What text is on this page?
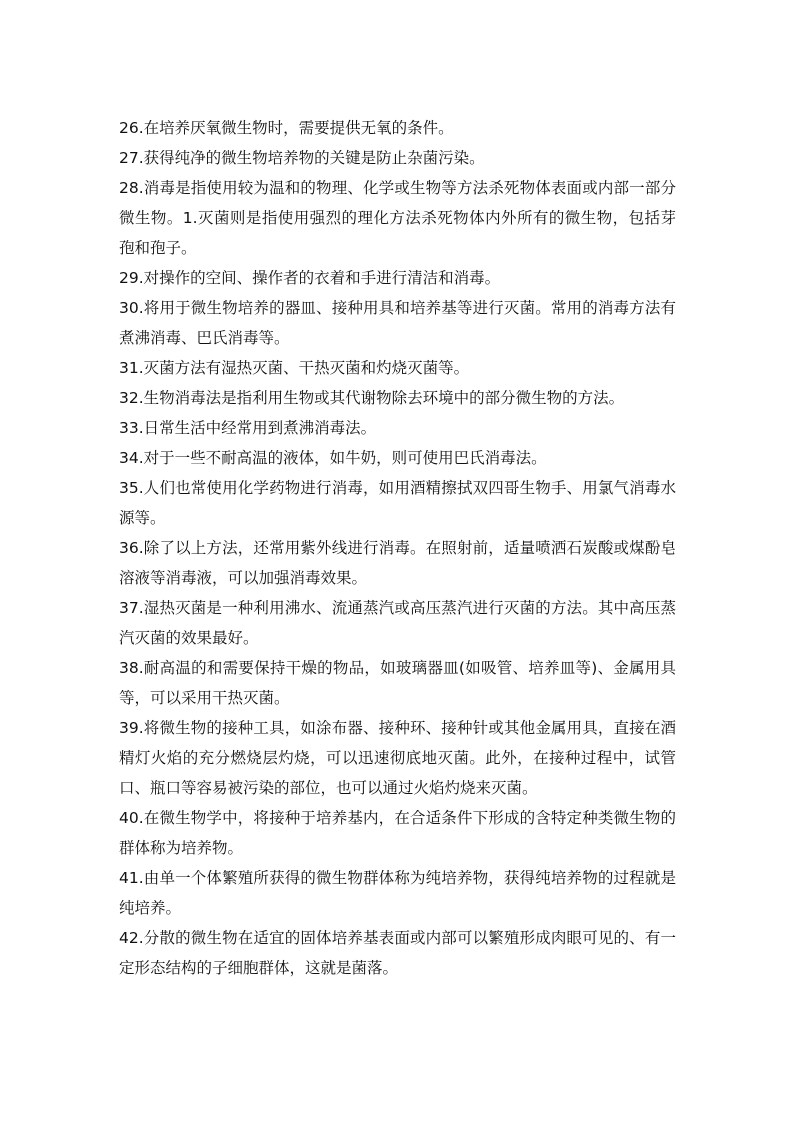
26.在培养厌氧微生物时，需要提供无氧的条件。

27.获得纯净的微生物培养物的关键是防止杂菌污染。

28.消毒是指使用较为温和的物理、化学或生物等方法杀死物体表面或内部一部分微生物。1.灭菌则是指使用强烈的理化方法杀死物体内外所有的微生物，包括芽孢和孢子。

29.对操作的空间、操作者的衣着和手进行清洁和消毒。

30.将用于微生物培养的器皿、接种用具和培养基等进行灭菌。常用的消毒方法有煮沸消毒、巴氏消毒等。

31.灭菌方法有湿热灭菌、干热灭菌和灼烧灭菌等。

32.生物消毒法是指利用生物或其代谢物除去环境中的部分微生物的方法。

33.日常生活中经常用到煮沸消毒法。

34.对于一些不耐高温的液体，如牛奶，则可使用巴氏消毒法。

35.人们也常使用化学药物进行消毒，如用酒精擦拭双四哥生物手、用氯气消毒水源等。

36.除了以上方法，还常用紫外线进行消毒。在照射前，适量喷洒石炭酸或煤酚皂溶液等消毒液，可以加强消毒效果。

37.湿热灭菌是一种利用沸水、流通蒸汽或高压蒸汽进行灭菌的方法。其中高压蒸汽灭菌的效果最好。

38.耐高温的和需要保持干燥的物品，如玻璃器皿(如吸管、培养皿等)、金属用具等，可以采用干热灭菌。

39.将微生物的接种工具，如涂布器、接种环、接种针或其他金属用具，直接在酒精灯火焰的充分燃烧层灼烧，可以迅速彻底地灭菌。此外，在接种过程中，试管口、瓶口等容易被污染的部位，也可以通过火焰灼烧来灭菌。

40.在微生物学中，将接种于培养基内，在合适条件下形成的含特定种类微生物的群体称为培养物。

41.由单一个体繁殖所获得的微生物群体称为纯培养物，获得纯培养物的过程就是纯培养。

42.分散的微生物在适宜的固体培养基表面或内部可以繁殖形成肉眼可见的、有一定形态结构的子细胞群体，这就是菌落。
